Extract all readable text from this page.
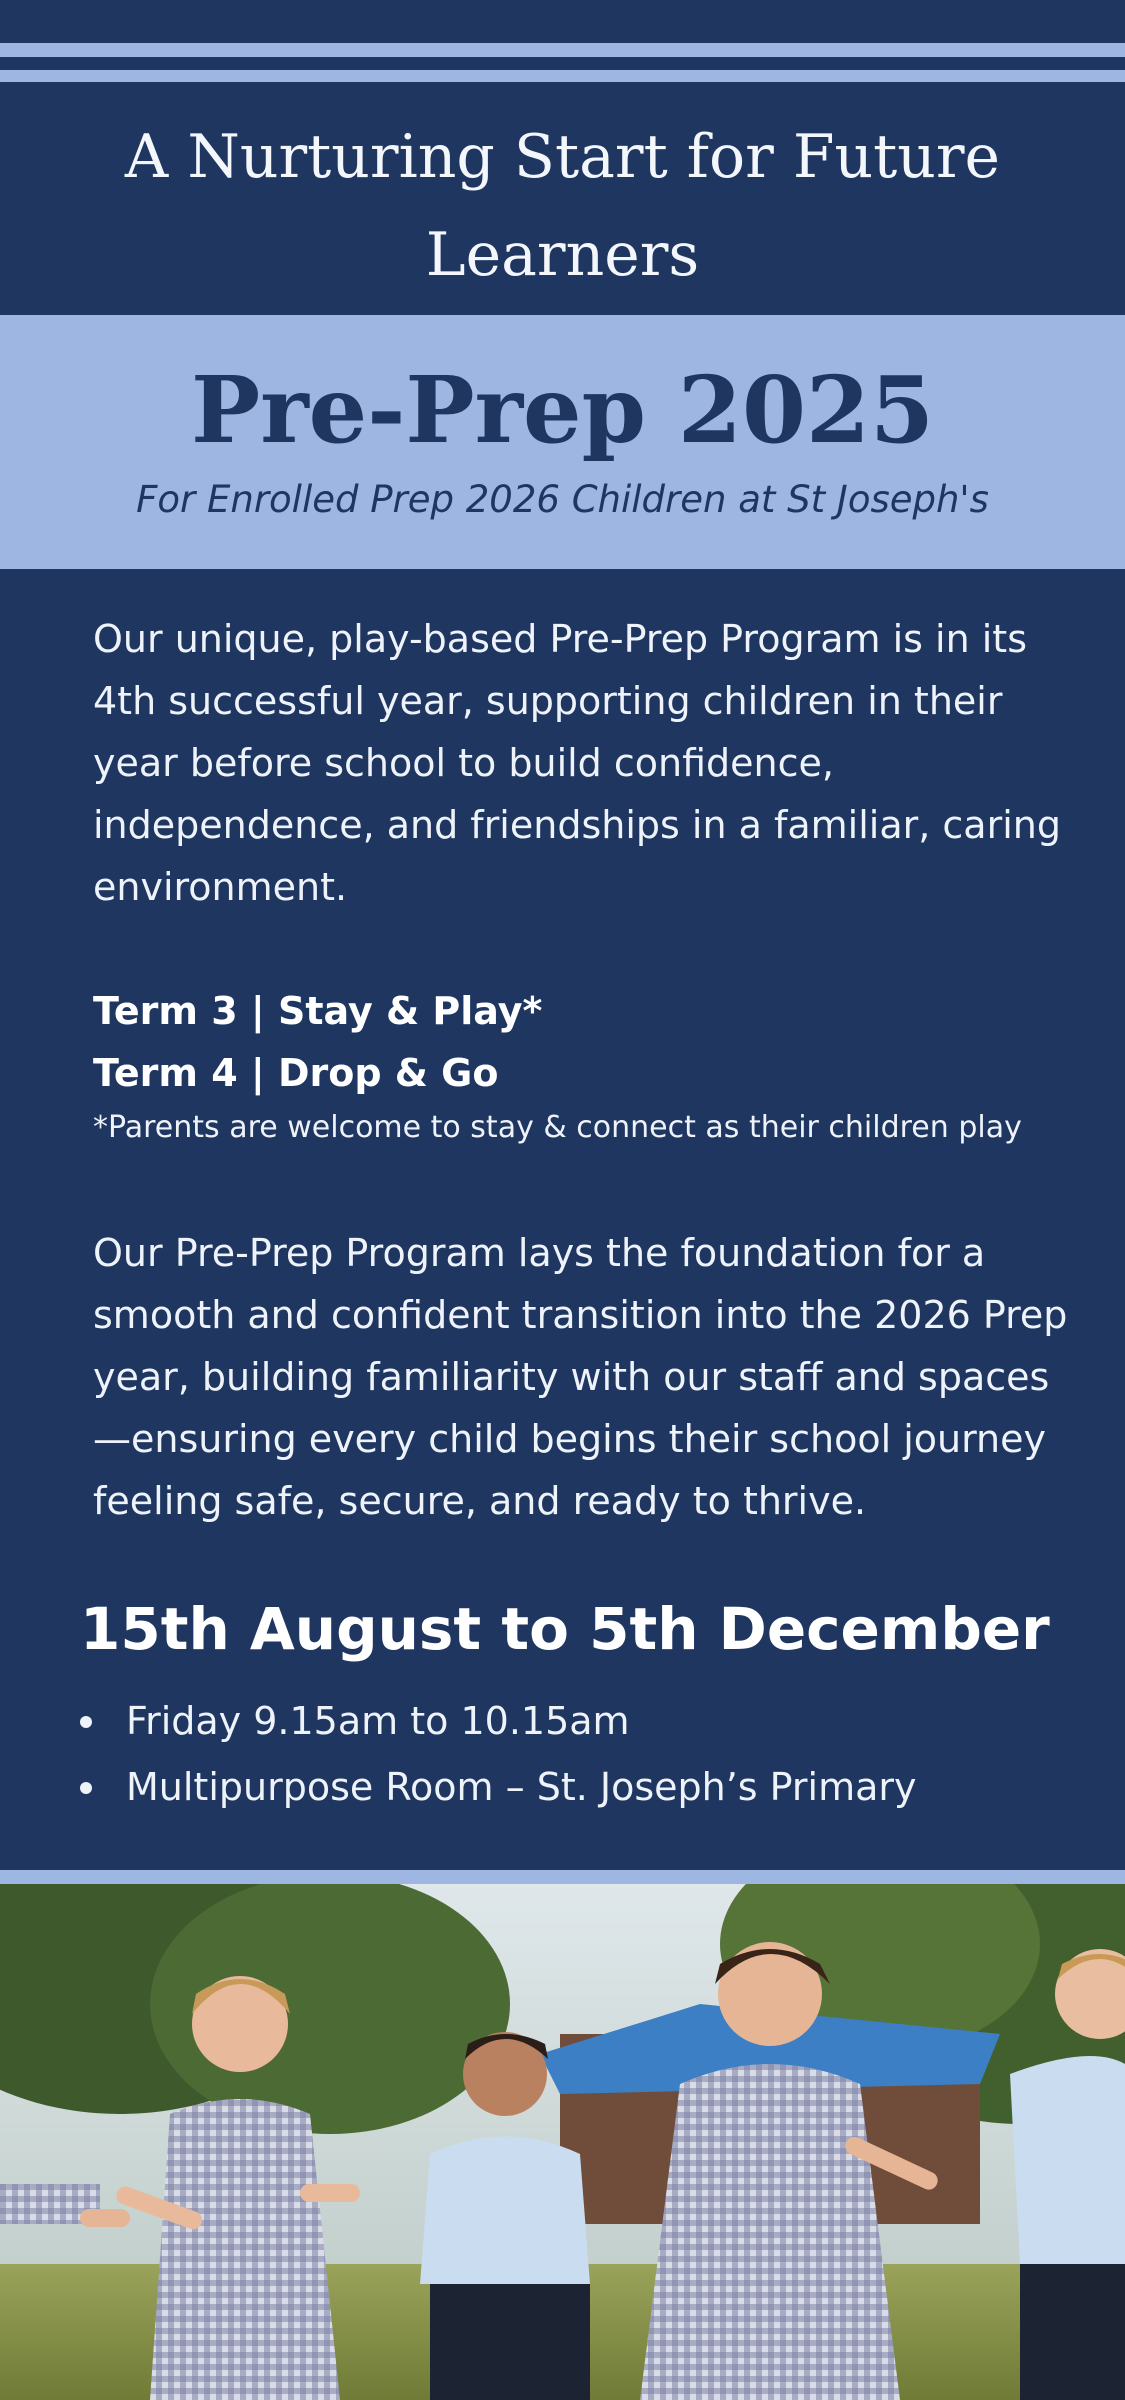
A Nurturing Start for Future
Learners
Pre-Prep 2025
For Enrolled Prep 2026 Children at St Joseph's

Our unique, play-based Pre-Prep Program is in its 4th successful year, supporting children in their year before school to build confidence, independence, and friendships in a familiar, caring environment.

Term 3 | Stay & Play*
Term 4 | Drop & Go
*Parents are welcome to stay & connect as their children play

Our Pre-Prep Program lays the foundation for a smooth and confident transition into the 2026 Prep year, building familiarity with our staff and spaces—ensuring every child begins their school journey feeling safe, secure, and ready to thrive.

15th August to 5th December
Friday 9.15am to 10.15am
Multipurpose Room – St. Joseph’s Primary
